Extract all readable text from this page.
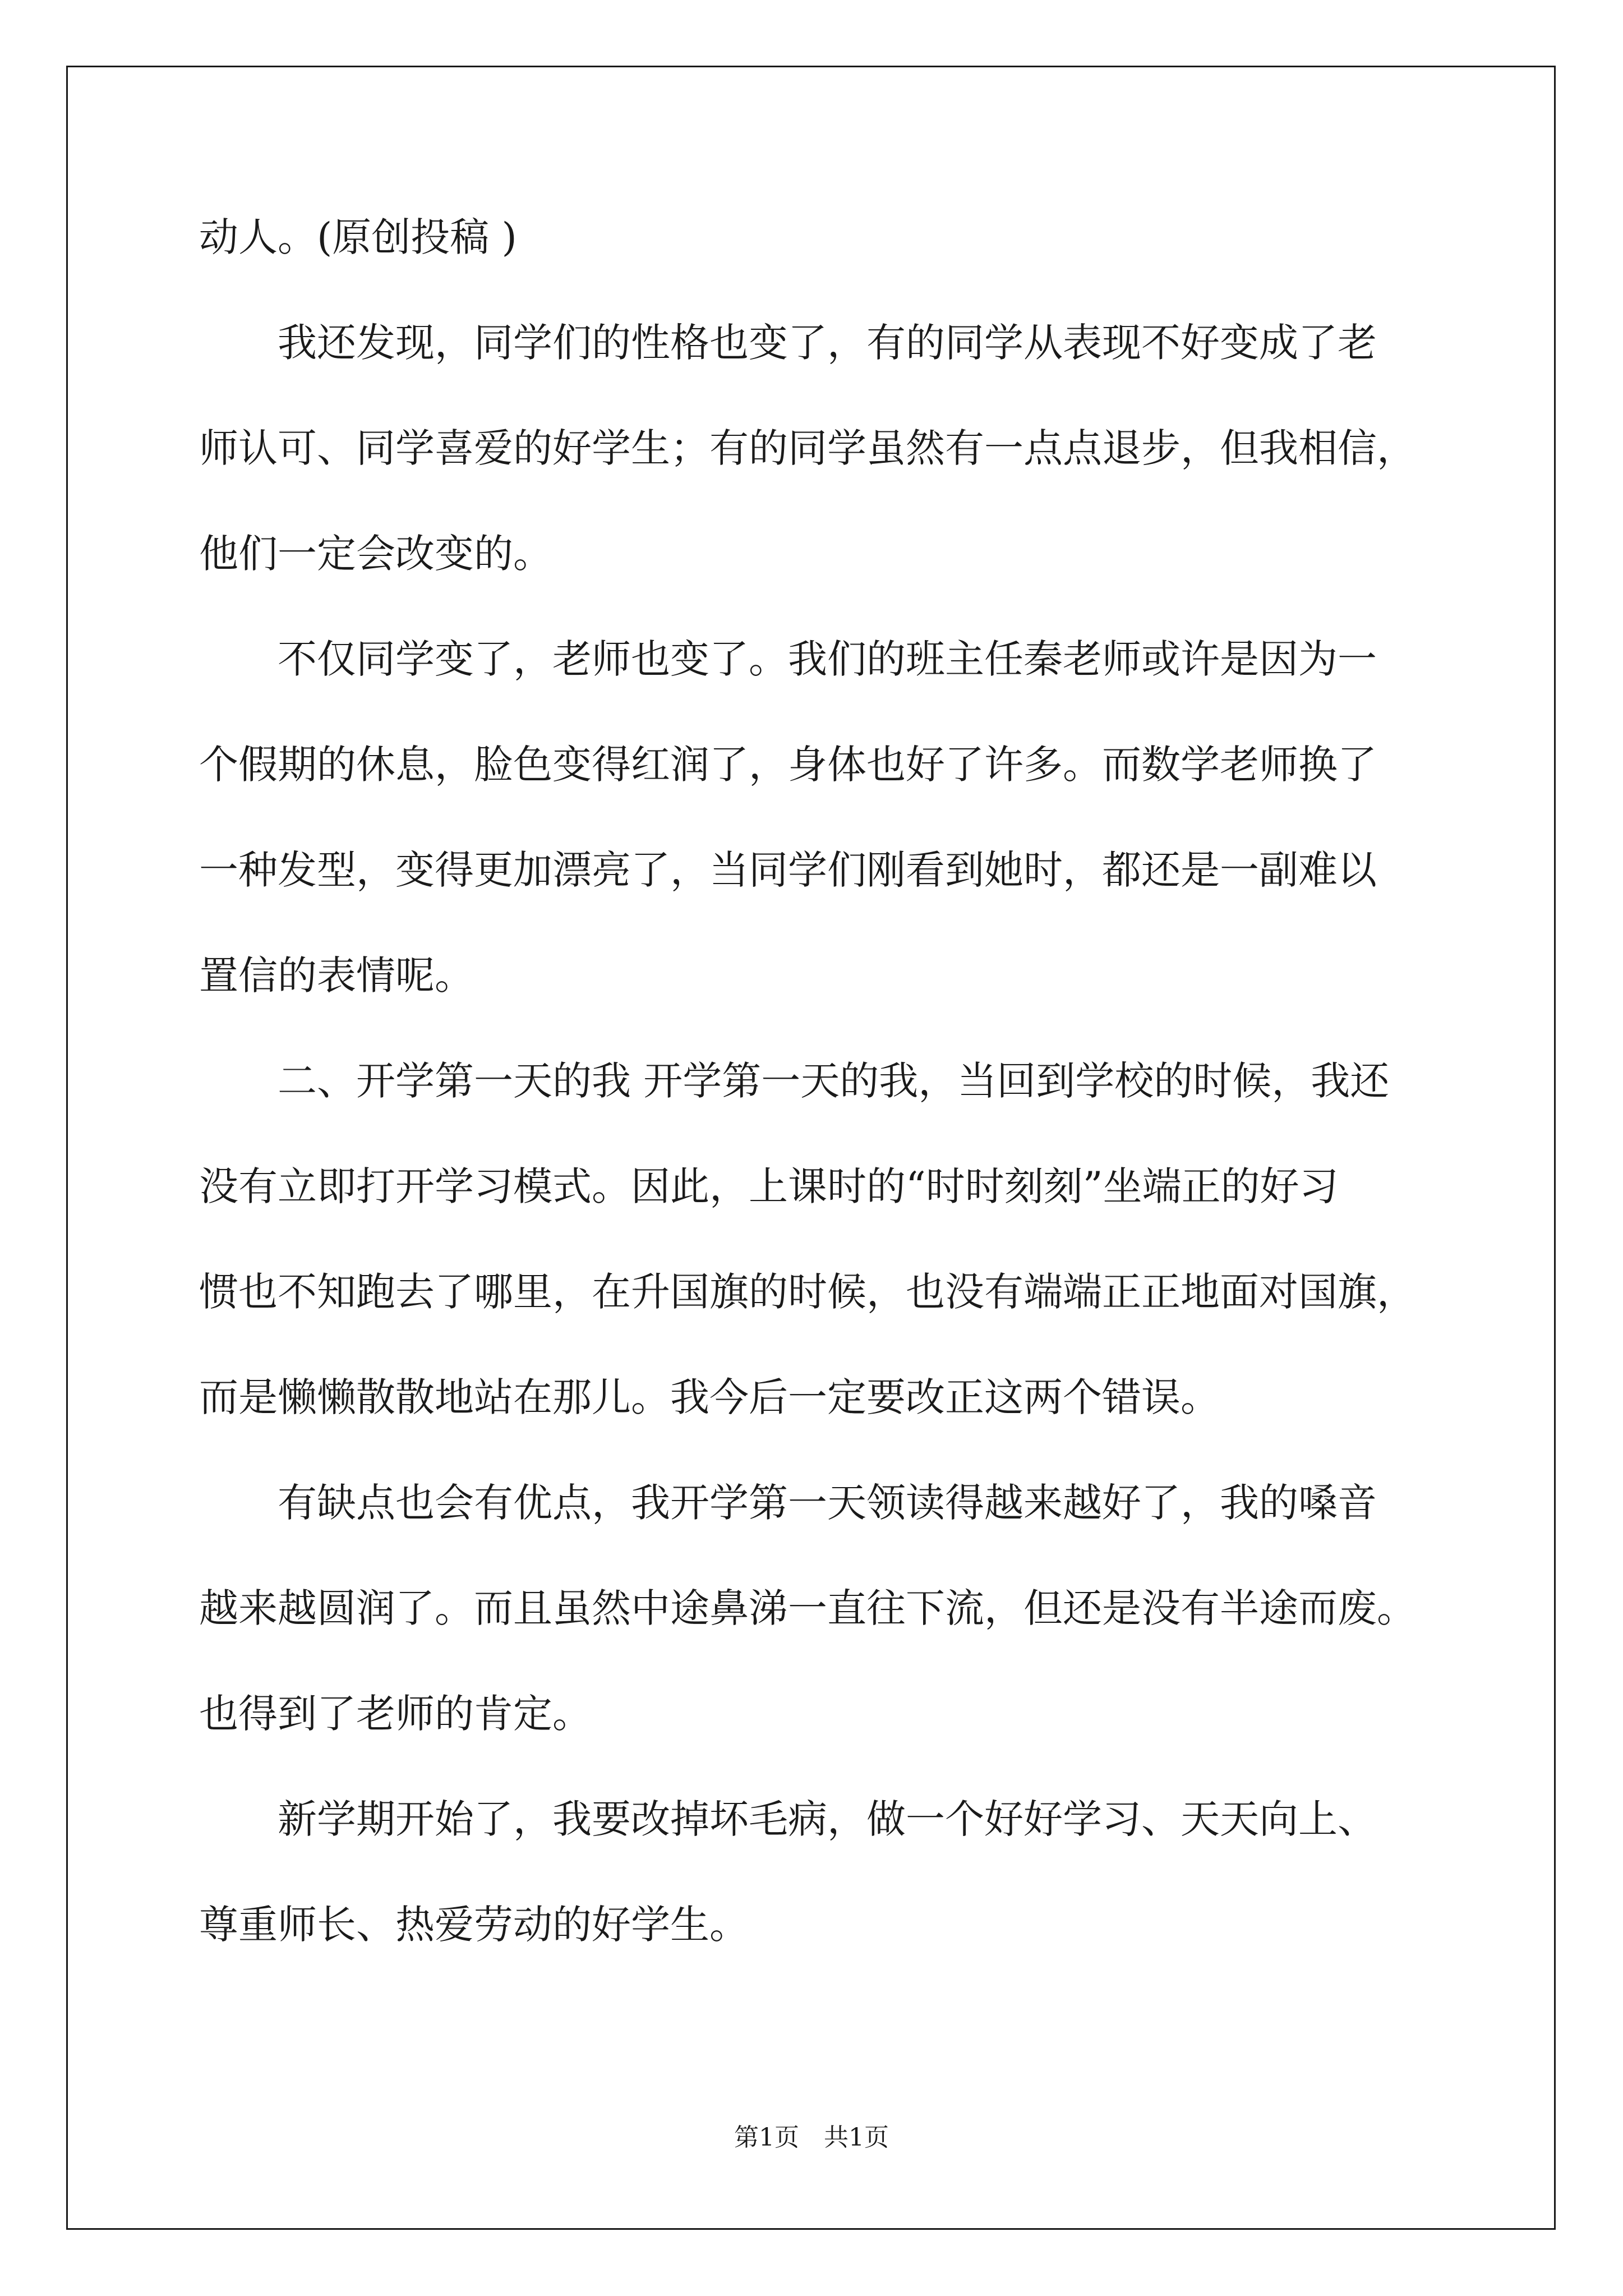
动人。(原创投稿 )
　　我还发现，同学们的性格也变了，有的同学从表现不好变成了老
师认可、同学喜爱的好学生；有的同学虽然有一点点退步，但我相信，
他们一定会改变的。
　　不仅同学变了，老师也变了。我们的班主任秦老师或许是因为一
个假期的休息，脸色变得红润了，身体也好了许多。而数学老师换了
一种发型，变得更加漂亮了，当同学们刚看到她时，都还是一副难以
置信的表情呢。
　　二、开学第一天的我 开学第一天的我，当回到学校的时候，我还
没有立即打开学习模式。因此，上课时的“时时刻刻”坐端正的好习
惯也不知跑去了哪里，在升国旗的时候，也没有端端正正地面对国旗，
而是懒懒散散地站在那儿。我今后一定要改正这两个错误。
　　有缺点也会有优点，我开学第一天领读得越来越好了，我的嗓音
越来越圆润了。而且虽然中途鼻涕一直往下流，但还是没有半途而废。
也得到了老师的肯定。
　　新学期开始了，我要改掉坏毛病，做一个好好学习、天天向上、
尊重师长、热爱劳动的好学生。
第1页　共1页
